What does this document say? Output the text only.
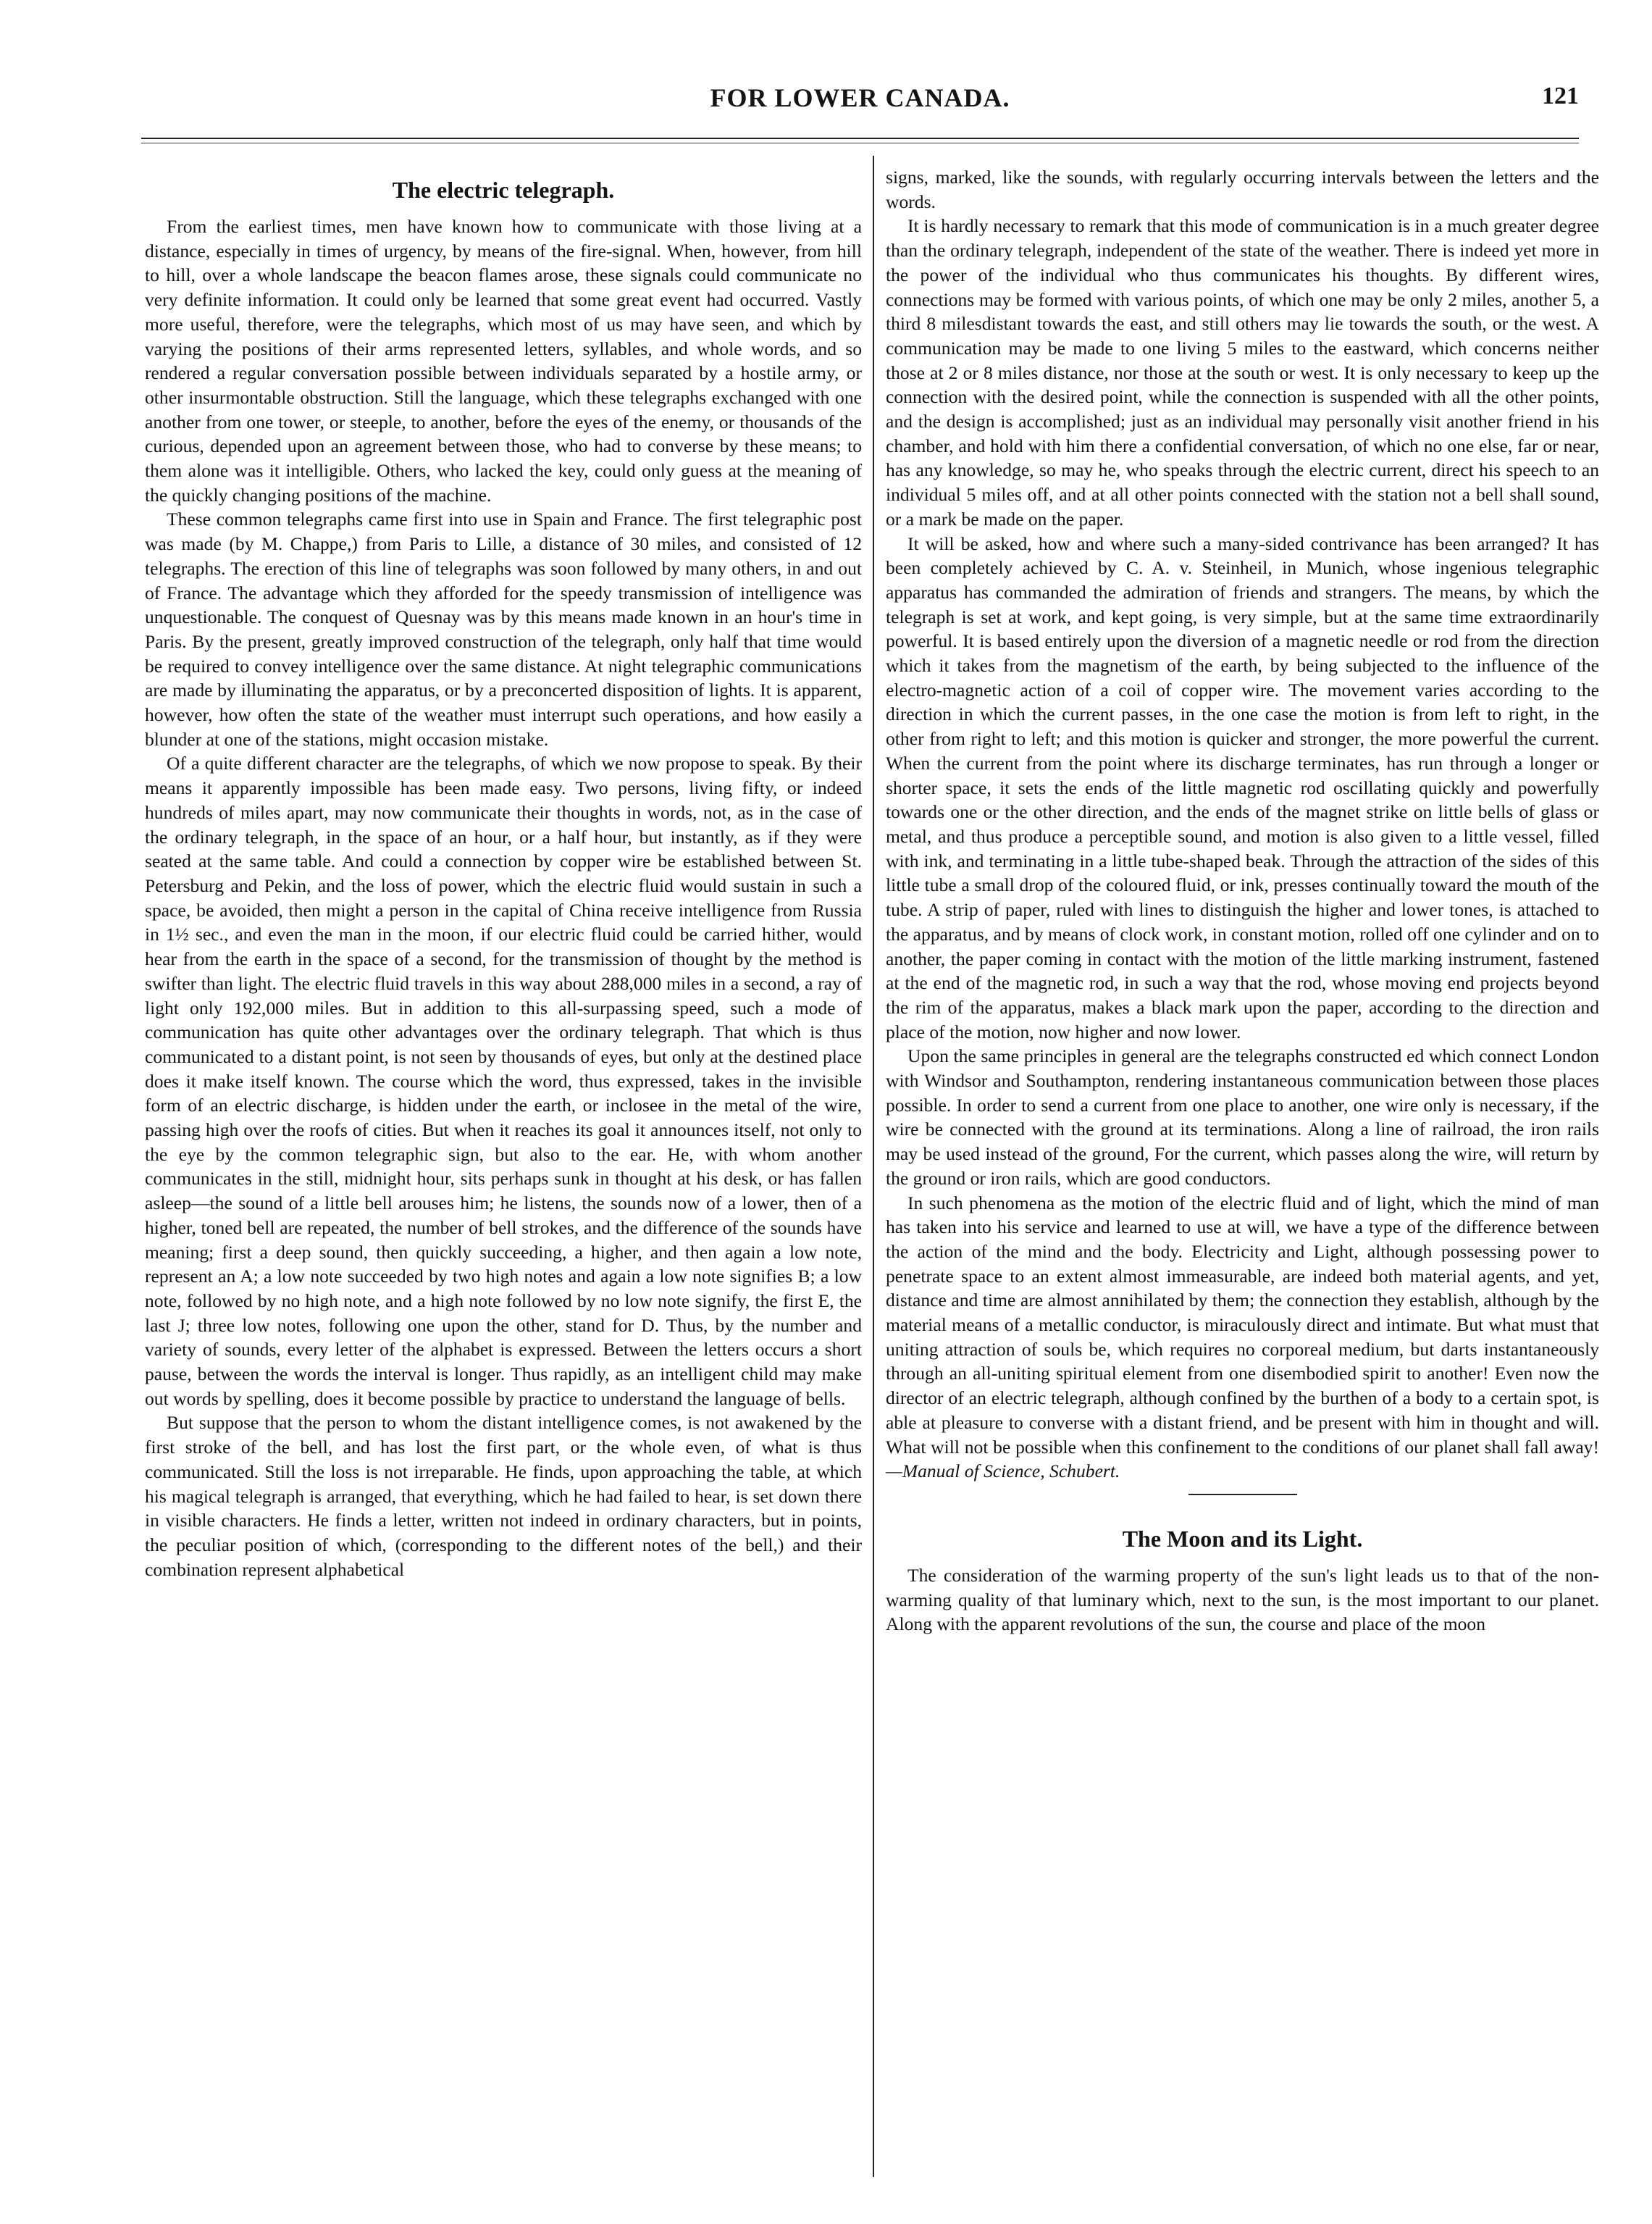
FOR LOWER CANADA.	121
The electric telegraph.

From the earliest times, men have known how to communicate with those living at a distance, especially in times of urgency, by means of the fire-signal. When, however, from hill to hill, over a whole landscape the beacon flames arose, these signals could communicate no very definite information. It could only be learned that some great event had occurred. Vastly more useful, therefore, were the telegraphs, which most of us may have seen, and which by varying the positions of their arms represented letters, syllables, and whole words, and so rendered a regular conversation possible between individuals separated by a hostile army, or other insurmontable obstruction. Still the language, which these telegraphs exchanged with one another from one tower, or steeple, to another, before the eyes of the enemy, or thousands of the curious, depended upon an agreement between those, who had to converse by these means; to them alone was it intelligible. Others, who lacked the key, could only guess at the meaning of the quickly changing positions of the machine.

These common telegraphs came first into use in Spain and France. The first telegraphic post was made (by M. Chappe,) from Paris to Lille, a distance of 30 miles, and consisted of 12 telegraphs. The erection of this line of telegraphs was soon followed by many others, in and out of France. The advantage which they afforded for the speedy transmission of intelligence was unquestionable. The conquest of Quesnay was by this means made known in an hour's time in Paris. By the present, greatly improved construction of the telegraph, only half that time would be required to convey intelligence over the same distance. At night telegraphic communications are made by illuminating the apparatus, or by a preconcerted disposition of lights. It is apparent, however, how often the state of the weather must interrupt such operations, and how easily a blunder at one of the stations, might occasion mistake.

Of a quite different character are the telegraphs, of which we now propose to speak. By their means it apparently impossible has been made easy. Two persons, living fifty, or indeed hundreds of miles apart, may now communicate their thoughts in words, not, as in the case of the ordinary telegraph, in the space of an hour, or a half hour, but instantly, as if they were seated at the same table. And could a connection by copper wire be established between St. Petersburg and Pekin, and the loss of power, which the electric fluid would sustain in such a space, be avoided, then might a person in the capital of China receive intelligence from Russia in 1½ sec., and even the man in the moon, if our electric fluid could be carried hither, would hear from the earth in the space of a second, for the transmission of thought by the method is swifter than light. The electric fluid travels in this way about 288,000 miles in a second, a ray of light only 192,000 miles. But in addition to this all-surpassing speed, such a mode of communication has quite other advantages over the ordinary telegraph. That which is thus communicated to a distant point, is not seen by thousands of eyes, but only at the destined place does it make itself known. The course which the word, thus expressed, takes in the invisible form of an electric discharge, is hidden under the earth, or inclosee in the metal of the wire, passing high over the roofs of cities. But when it reaches its goal it announces itself, not only to the eye by the common telegraphic sign, but also to the ear. He, with whom another communicates in the still, midnight hour, sits perhaps sunk in thought at his desk, or has fallen asleep—the sound of a little bell arouses him; he listens, the sounds now of a lower, then of a higher, toned bell are repeated, the number of bell strokes, and the difference of the sounds have meaning; first a deep sound, then quickly succeeding, a higher, and then again a low note, represent an A; a low note succeeded by two high notes and again a low note signifies B; a low note, followed by no high note, and a high note followed by no low note signify, the first E, the last J; three low notes, following one upon the other, stand for D. Thus, by the number and variety of sounds, every letter of the alphabet is expressed. Between the letters occurs a short pause, between the words the interval is longer. Thus rapidly, as an intelligent child may make out words by spelling, does it become possible by practice to understand the language of bells.

But suppose that the person to whom the distant intelligence comes, is not awakened by the first stroke of the bell, and has lost the first part, or the whole even, of what is thus communicated. Still the loss is not irreparable. He finds, upon approaching the table, at which his magical telegraph is arranged, that everything, which he had failed to hear, is set down there in visible characters. He finds a letter, written not indeed in ordinary characters, but in points, the peculiar position of which, (corresponding to the different notes of the bell,) and their combination represent alphabetical

signs, marked, like the sounds, with regularly occurring intervals between the letters and the words.

It is hardly necessary to remark that this mode of communication is in a much greater degree than the ordinary telegraph, independent of the state of the weather. There is indeed yet more in the power of the individual who thus communicates his thoughts. By different wires, connections may be formed with various points, of which one may be only 2 miles, another 5, a third 8 milesdistant towards the east, and still others may lie towards the south, or the west. A communication may be made to one living 5 miles to the eastward, which concerns neither those at 2 or 8 miles distance, nor those at the south or west. It is only necessary to keep up the connection with the desired point, while the connection is suspended with all the other points, and the design is accomplished; just as an individual may personally visit another friend in his chamber, and hold with him there a confidential conversation, of which no one else, far or near, has any knowledge, so may he, who speaks through the electric current, direct his speech to an individual 5 miles off, and at all other points connected with the station not a bell shall sound, or a mark be made on the paper.

It will be asked, how and where such a many-sided contrivance has been arranged? It has been completely achieved by C. A. v. Steinheil, in Munich, whose ingenious telegraphic apparatus has commanded the admiration of friends and strangers. The means, by which the telegraph is set at work, and kept going, is very simple, but at the same time extraordinarily powerful. It is based entirely upon the diversion of a magnetic needle or rod from the direction which it takes from the magnetism of the earth, by being subjected to the influence of the electro-magnetic action of a coil of copper wire. The movement varies according to the direction in which the current passes, in the one case the motion is from left to right, in the other from right to left; and this motion is quicker and stronger, the more powerful the current. When the current from the point where its discharge terminates, has run through a longer or shorter space, it sets the ends of the little magnetic rod oscillating quickly and powerfully towards one or the other direction, and the ends of the magnet strike on little bells of glass or metal, and thus produce a perceptible sound, and motion is also given to a little vessel, filled with ink, and terminating in a little tube-shaped beak. Through the attraction of the sides of this little tube a small drop of the coloured fluid, or ink, presses continually toward the mouth of the tube. A strip of paper, ruled with lines to distinguish the higher and lower tones, is attached to the apparatus, and by means of clock work, in constant motion, rolled off one cylinder and on to another, the paper coming in contact with the motion of the little marking instrument, fastened at the end of the magnetic rod, in such a way that the rod, whose moving end projects beyond the rim of the apparatus, makes a black mark upon the paper, according to the direction and place of the motion, now higher and now lower.

Upon the same principles in general are the telegraphs constructed ed which connect London with Windsor and Southampton, rendering instantaneous communication between those places possible. In order to send a current from one place to another, one wire only is necessary, if the wire be connected with the ground at its terminations. Along a line of railroad, the iron rails may be used instead of the ground, For the current, which passes along the wire, will return by the ground or iron rails, which are good conductors.

In such phenomena as the motion of the electric fluid and of light, which the mind of man has taken into his service and learned to use at will, we have a type of the difference between the action of the mind and the body. Electricity and Light, although possessing power to penetrate space to an extent almost immeasurable, are indeed both material agents, and yet, distance and time are almost annihilated by them; the connection they establish, although by the material means of a metallic conductor, is miraculously direct and intimate. But what must that uniting attraction of souls be, which requires no corporeal medium, but darts instantaneously through an all-uniting spiritual element from one disembodied spirit to another! Even now the director of an electric telegraph, although confined by the burthen of a body to a certain spot, is able at pleasure to converse with a distant friend, and be present with him in thought and will. What will not be possible when this confinement to the conditions of our planet shall fall away!—Manual of Science, Schubert.

The Moon and its Light.

The consideration of the warming property of the sun's light leads us to that of the non-warming quality of that luminary which, next to the sun, is the most important to our planet. Along with the apparent revolutions of the sun, the course and place of the moon
